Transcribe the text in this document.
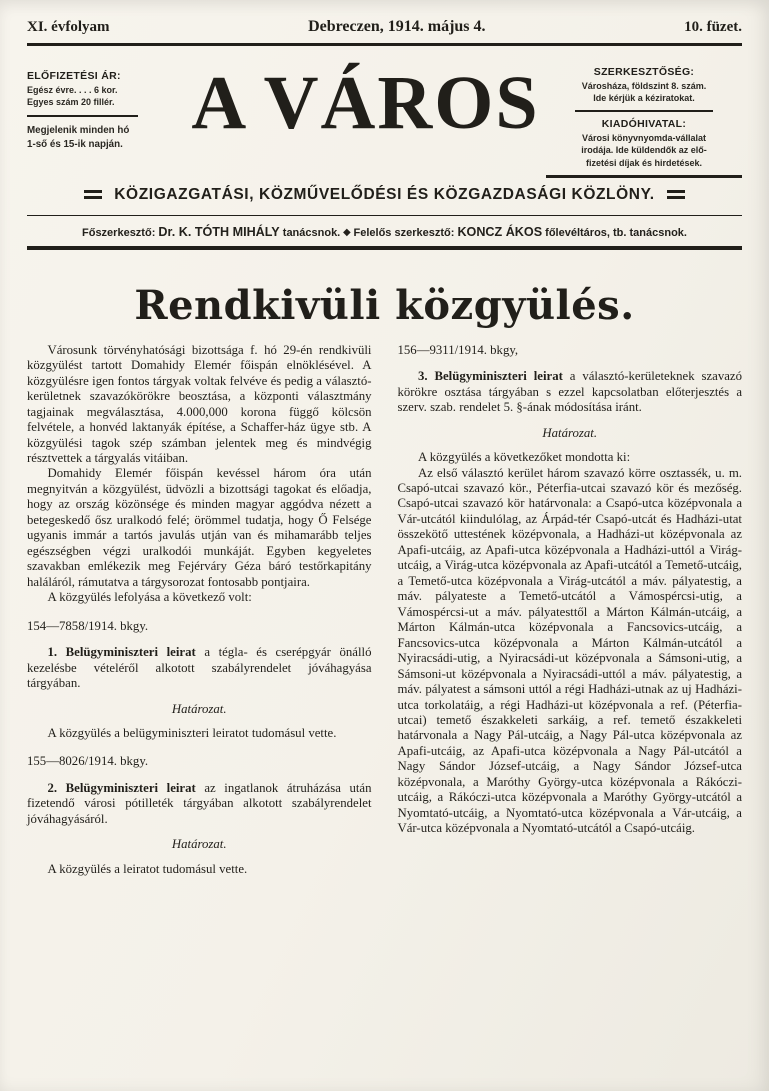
XI. évfolyam	Debreczen, 1914. május 4.	10. füzet.
ELŐFIZETÉSI ÁR:
Egész évre. . . . 6 kor.
Egyes szám 20 fillér.
Megjelenik minden hó
1-ső és 15-ik napján. A VÁROS	SZERKESZTŐSÉG:
Városháza, földszint 8. szám.
Ide kérjük a kéziratokat.
KIADÓHIVATAL:
Városi könyvnyomda-vállalat
irodája. Ide küldendők az elő-
fizetési díjak és hirdetések.
KÖZIGAZGATÁSI, KÖZMŰVELŐDÉSI ÉS KÖZGAZDASÁGI KÖZLÖNY.
Főszerkesztő: Dr. K. TÓTH MIHÁLY tanácsnok. ◆ Felelős szerkesztő: KONCZ ÁKOS főlevéltáros, tb. tanácsnok.
Rendkivüli közgyülés.

Városunk törvényhatósági bizottsága f. hó 29-én rendkivüli közgyülést tartott Domahidy Elemér főispán elnöklésével. A közgyülésre igen fontos tárgyak voltak felvéve és pedig a választó-kerületnek szavazókörökre beosztása, a központi választmány tagjainak megválasztása, 4.000,000 korona függő kölcsön felvétele, a honvéd laktanyák építése, a Schaffer-ház ügye stb. A közgyülési tagok szép számban jelentek meg és mindvégig résztvettek a tárgyalás vitáiban.

Domahidy Elemér főispán kevéssel három óra után megnyitván a közgyülést, üdvözli a bizottsági tagokat és előadja, hogy az ország közönsége és minden magyar aggódva nézett a betegeskedő ősz uralkodó felé; örömmel tudatja, hogy Ő Felsége ugyanis immár a tartós javulás utján van és mihamarább teljes egészségben végzi uralkodói munkáját. Egyben kegyeletes szavakban emlékezik meg Fejérváry Géza báró testőrkapitány haláláról, rámutatva a tárgysorozat fontosabb pontjaira.

A közgyülés lefolyása a következő volt:

154—7858/1914. bkgy.

1. Belügyminiszteri leirat a tégla- és cserépgyár önálló kezelésbe vételéről alkotott szabályrendelet jóváhagyása tárgyában.

Határozat.

A közgyülés a belügyminiszteri leiratot tudomásul vette.

155—8026/1914. bkgy.

2. Belügyminiszteri leirat az ingatlanok átruházása után fizetendő városi pótilleték tárgyában alkotott szabályrendelet jóváhagyásáról.

Határozat.

A közgyülés a leiratot tudomásul vette.

156—9311/1914. bkgy,

3. Belügyminiszteri leirat a választó-kerületeknek szavazó körökre osztása tárgyában s ezzel kapcsolatban előterjesztés a szerv. szab. rendelet 5. §-ának módosítása iránt.

Határozat.

A közgyülés a következőket mondotta ki:

Az első választó kerület három szavazó körre osztassék, u. m. Csapó-utcai szavazó kör., Péterfia-utcai szavazó kör és mezőség. Csapó-utcai szavazó kör határvonala: a Csapó-utca középvonala a Vár-utcától kiindulólag, az Árpád-tér Csapó-utcát és Hadházi-utat összekötő uttestének középvonala, a Hadházi-ut középvonala az Apafi-utcáig, az Apafi-utca középvonala a Hadházi-uttól a Virág-utcáig, a Virág-utca középvonala az Apafi-utcától a Temető-utcáig, a Temető-utca középvonala a Virág-utcától a máv. pályatestig, a máv. pályateste a Temető-utcától a Vámospércsi-utig, a Vámospércsi-ut a máv. pályatesttől a Márton Kálmán-utcáig, a Márton Kálmán-utca középvonala a Fancsovics-utcáig, a Fancsovics-utca középvonala a Márton Kálmán-utcától a Nyiracsádi-utig, a Nyiracsádi-ut középvonala a Sámsoni-utig, a Sámsoni-ut középvonala a Nyiracsádi-uttól a máv. pályatestig, a máv. pályatest a sámsoni uttól a régi Hadházi-utnak az uj Hadházi-utca torkolatáig, a régi Hadházi-ut középvonala a ref. (Péterfia-utcai) temető északkeleti sarkáig, a ref. temető északkeleti határvonala a Nagy Pál-utcáig, a Nagy Pál-utca középvonala az Apafi-utcáig, az Apafi-utca középvonala a Nagy Pál-utcától a Nagy Sándor József-utcáig, a Nagy Sándor József-utca középvonala, a Maróthy György-utca középvonala a Rákóczi-utcáig, a Rákóczi-utca középvonala a Maróthy György-utcától a Nyomtató-utcáig, a Nyomtató-utca középvonala a Vár-utcáig, a Vár-utca középvonala a Nyomtató-utcától a Csapó-utcáig.
